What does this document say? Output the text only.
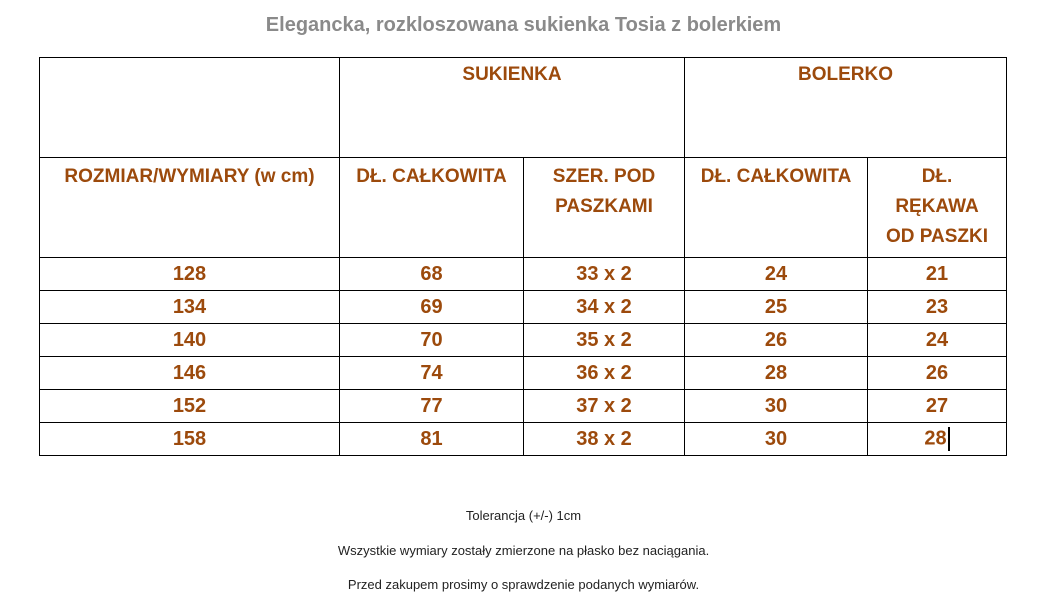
Elegancka, rozkloszowana sukienka Tosia z bolerkiem
	SUKIENKA		BOLERKO	
ROZMIAR/WYMIARY (w cm)	DŁ. CAŁKOWITA	SZER. POD PASZKAMI	DŁ. CAŁKOWITA	DŁ. RĘKAWA OD PASZKI
128	68	33 x 2	24	21
134	69	34 x 2	25	23
140	70	35 x 2	26	24
146	74	36 x 2	28	26
152	77	37 x 2	30	27
158	81	38 x 2	30	28
Tolerancja (+/-) 1cm
Wszystkie wymiary zostały zmierzone na płasko bez naciągania.
Przed zakupem prosimy o sprawdzenie podanych wymiarów.
